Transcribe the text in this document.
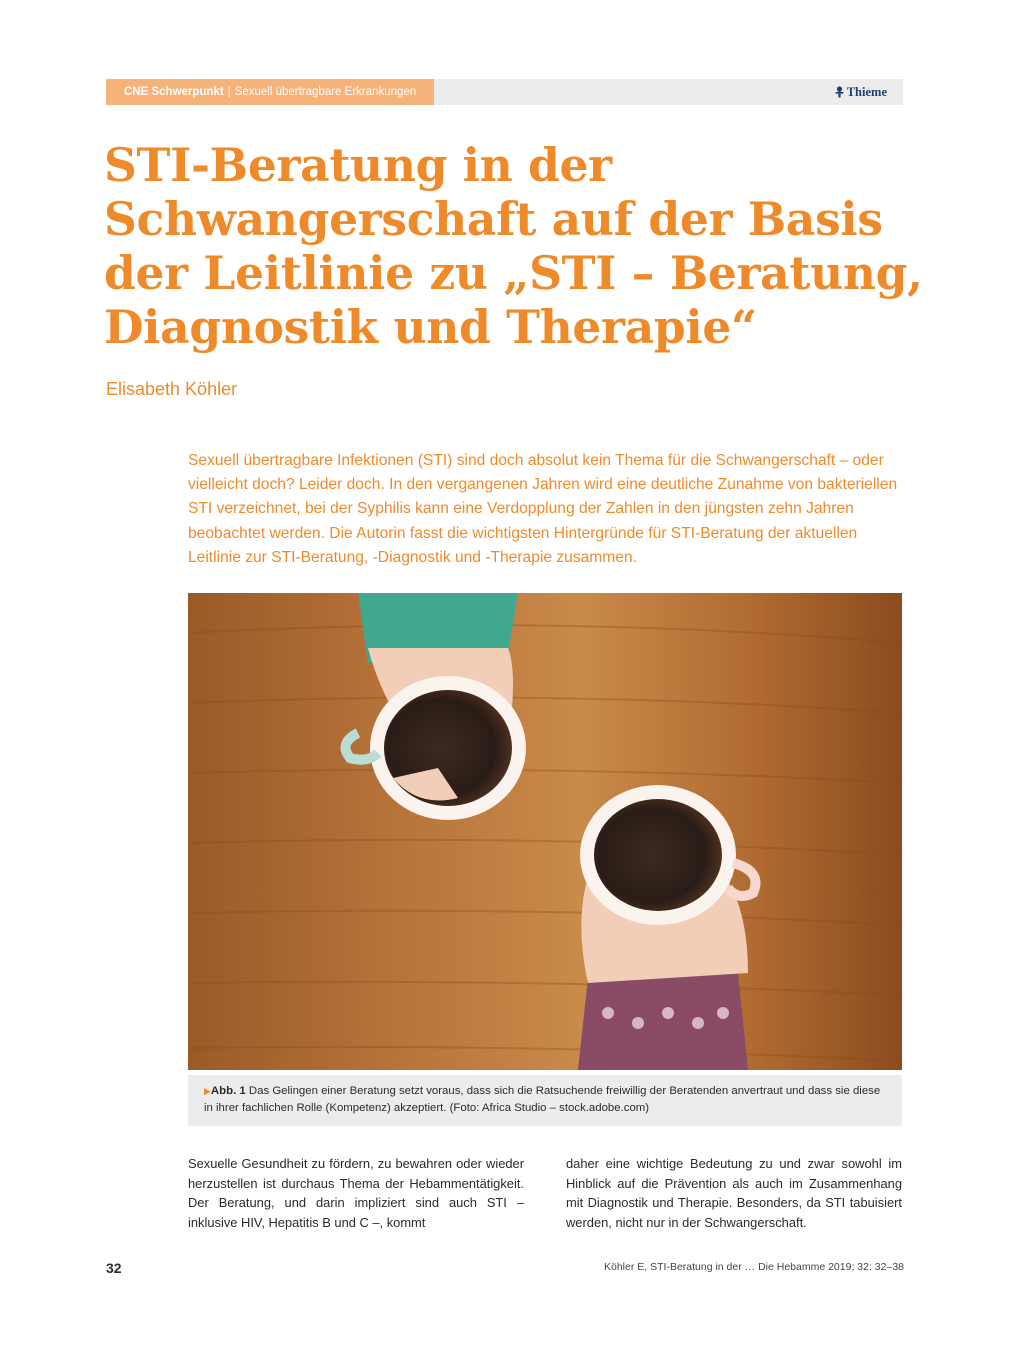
CNE Schwerpunkt | Sexuell übertragbare Erkrankungen	Thieme
STI-Beratung in der Schwangerschaft auf der Basis der Leitlinie zu „STI – Beratung, Diagnostik und Therapie“
Elisabeth Köhler

Sexuell übertragbare Infektionen (STI) sind doch absolut kein Thema für die Schwangerschaft – oder vielleicht doch? Leider doch. In den vergangenen Jahren wird eine deutliche Zunahme von bakteriellen STI verzeichnet, bei der Syphilis kann eine Verdopplung der Zahlen in den jüngsten zehn Jahren beobachtet werden. Die Autorin fasst die wichtigsten Hintergründe für STI-Beratung der aktuellen Leitlinie zur STI-Beratung, -Diagnostik und -Therapie zusammen.

▶Abb. 1 Das Gelingen einer Beratung setzt voraus, dass sich die Ratsuchende freiwillig der Beratenden anvertraut und dass sie diese in ihrer fachlichen Rolle (Kompetenz) akzeptiert. (Foto: Africa Studio – stock.adobe.com)

Sexuelle Gesundheit zu fördern, zu bewahren oder wieder herzustellen ist durchaus Thema der Hebammentätigkeit. Der Beratung, und darin impliziert sind auch STI – inklusive HIV, Hepatitis B und C –, kommt

daher eine wichtige Bedeutung zu und zwar sowohl im Hinblick auf die Prävention als auch im Zusammenhang mit Diagnostik und Therapie. Besonders, da STI tabuisiert werden, nicht nur in der Schwangerschaft.

32	Köhler E, STI-Beratung in der … Die Hebamme 2019; 32: 32–38
